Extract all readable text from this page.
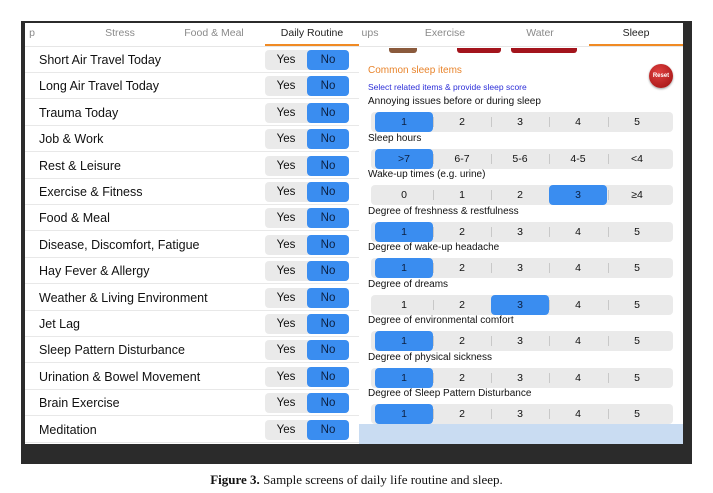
p	Stress	Food & Meal	Daily Routine
Short Air Travel Today	Yes	No
Long Air Travel Today	Yes	No
Trauma Today	Yes	No
Job & Work	Yes	No
Rest & Leisure	Yes	No
Exercise & Fitness	Yes	No
Food & Meal	Yes	No
Disease, Discomfort, Fatigue	Yes	No
Hay Fever & Allergy	Yes	No
Weather & Living Environment	Yes	No
Jet Lag	Yes	No
Sleep Pattern Disturbance	Yes	No
Urination & Bowel Movement	Yes	No
Brain Exercise	Yes	No
Meditation	Yes	No
ups	Exercise	Water	Sleep
Common sleep items
Select related items & provide sleep score
Reset
Annoying issues before or during sleep
1	2	3	4	5
Sleep hours
>7	6-7	5-6	4-5	<4
Wake-up times (e.g. urine)
0	1	2	3	≥4
Degree of freshness & restfulness
1	2	3	4	5
Degree of wake-up headache
1	2	3	4	5
Degree of dreams
1	2	3	4	5
Degree of environmental comfort
1	2	3	4	5
Degree of physical sickness
1	2	3	4	5
Degree of Sleep Pattern Disturbance
1	2	3	4	5
Figure 3. Sample screens of daily life routine and sleep.
